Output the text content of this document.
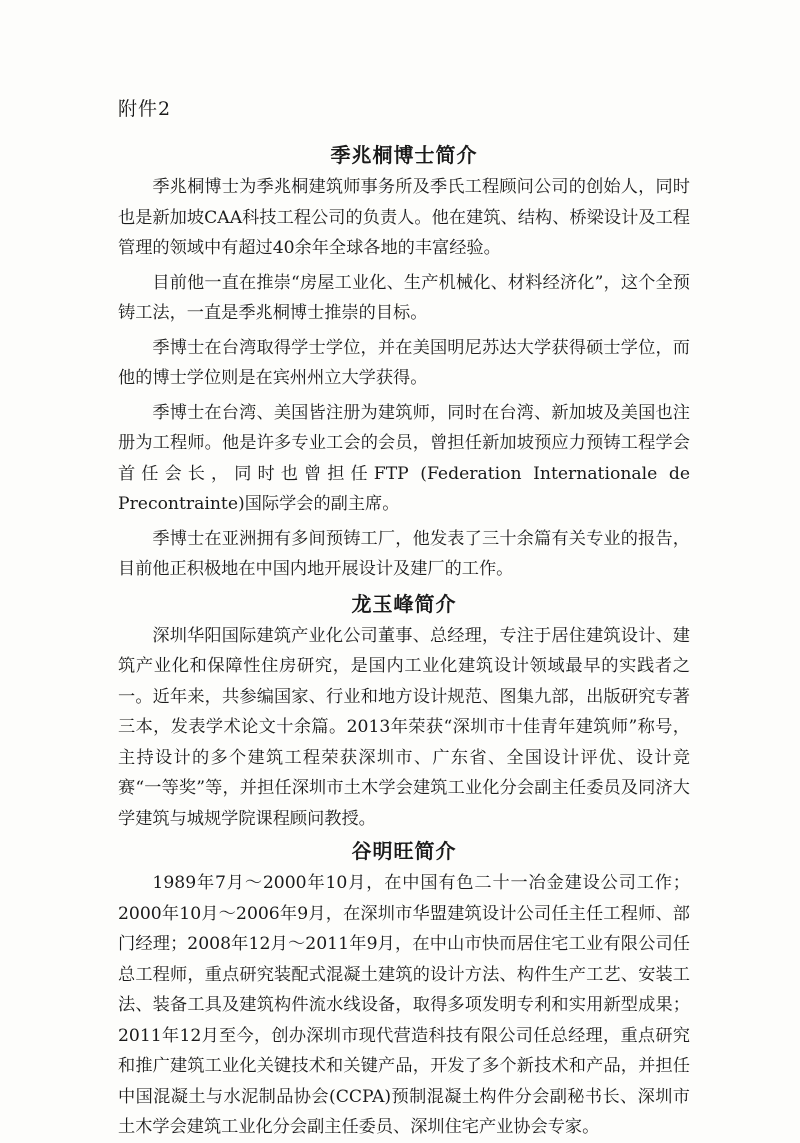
附件2
季兆桐博士简介

季兆桐博士为季兆桐建筑师事务所及季氏工程顾问公司的创始人，同时也是新加坡CAA科技工程公司的负责人。他在建筑、结构、桥梁设计及工程管理的领域中有超过40余年全球各地的丰富经验。

目前他一直在推崇“房屋工业化、生产机械化、材料经济化”，这个全预铸工法，一直是季兆桐博士推崇的目标。

季博士在台湾取得学士学位，并在美国明尼苏达大学获得硕士学位，而他的博士学位则是在宾州州立大学获得。

季博士在台湾、美国皆注册为建筑师，同时在台湾、新加坡及美国也注册为工程师。他是许多专业工会的会员，曾担任新加坡预应力预铸工程学会首任会长，同时也曾担任FTP (Federation Internationale de Precontrainte)国际学会的副主席。

季博士在亚洲拥有多间预铸工厂，他发表了三十余篇有关专业的报告，目前他正积极地在中国内地开展设计及建厂的工作。

龙玉峰简介

深圳华阳国际建筑产业化公司董事、总经理，专注于居住建筑设计、建筑产业化和保障性住房研究，是国内工业化建筑设计领域最早的实践者之一。近年来，共参编国家、行业和地方设计规范、图集九部，出版研究专著三本，发表学术论文十余篇。2013年荣获“深圳市十佳青年建筑师”称号，主持设计的多个建筑工程荣获深圳市、广东省、全国设计评优、设计竞赛“一等奖”等，并担任深圳市土木学会建筑工业化分会副主任委员及同济大学建筑与城规学院课程顾问教授。

谷明旺简介

1989年7月～2000年10月，在中国有色二十一冶金建设公司工作；2000年10月～2006年9月，在深圳市华盟建筑设计公司任主任工程师、部门经理；2008年12月～2011年9月，在中山市快而居住宅工业有限公司任总工程师，重点研究装配式混凝土建筑的设计方法、构件生产工艺、安装工法、装备工具及建筑构件流水线设备，取得多项发明专利和实用新型成果；2011年12月至今，创办深圳市现代营造科技有限公司任总经理，重点研究和推广建筑工业化关键技术和关键产品，开发了多个新技术和产品，并担任中国混凝土与水泥制品协会(CCPA)预制混凝土构件分会副秘书长、深圳市土木学会建筑工业化分会副主任委员、深圳住宅产业协会专家。
